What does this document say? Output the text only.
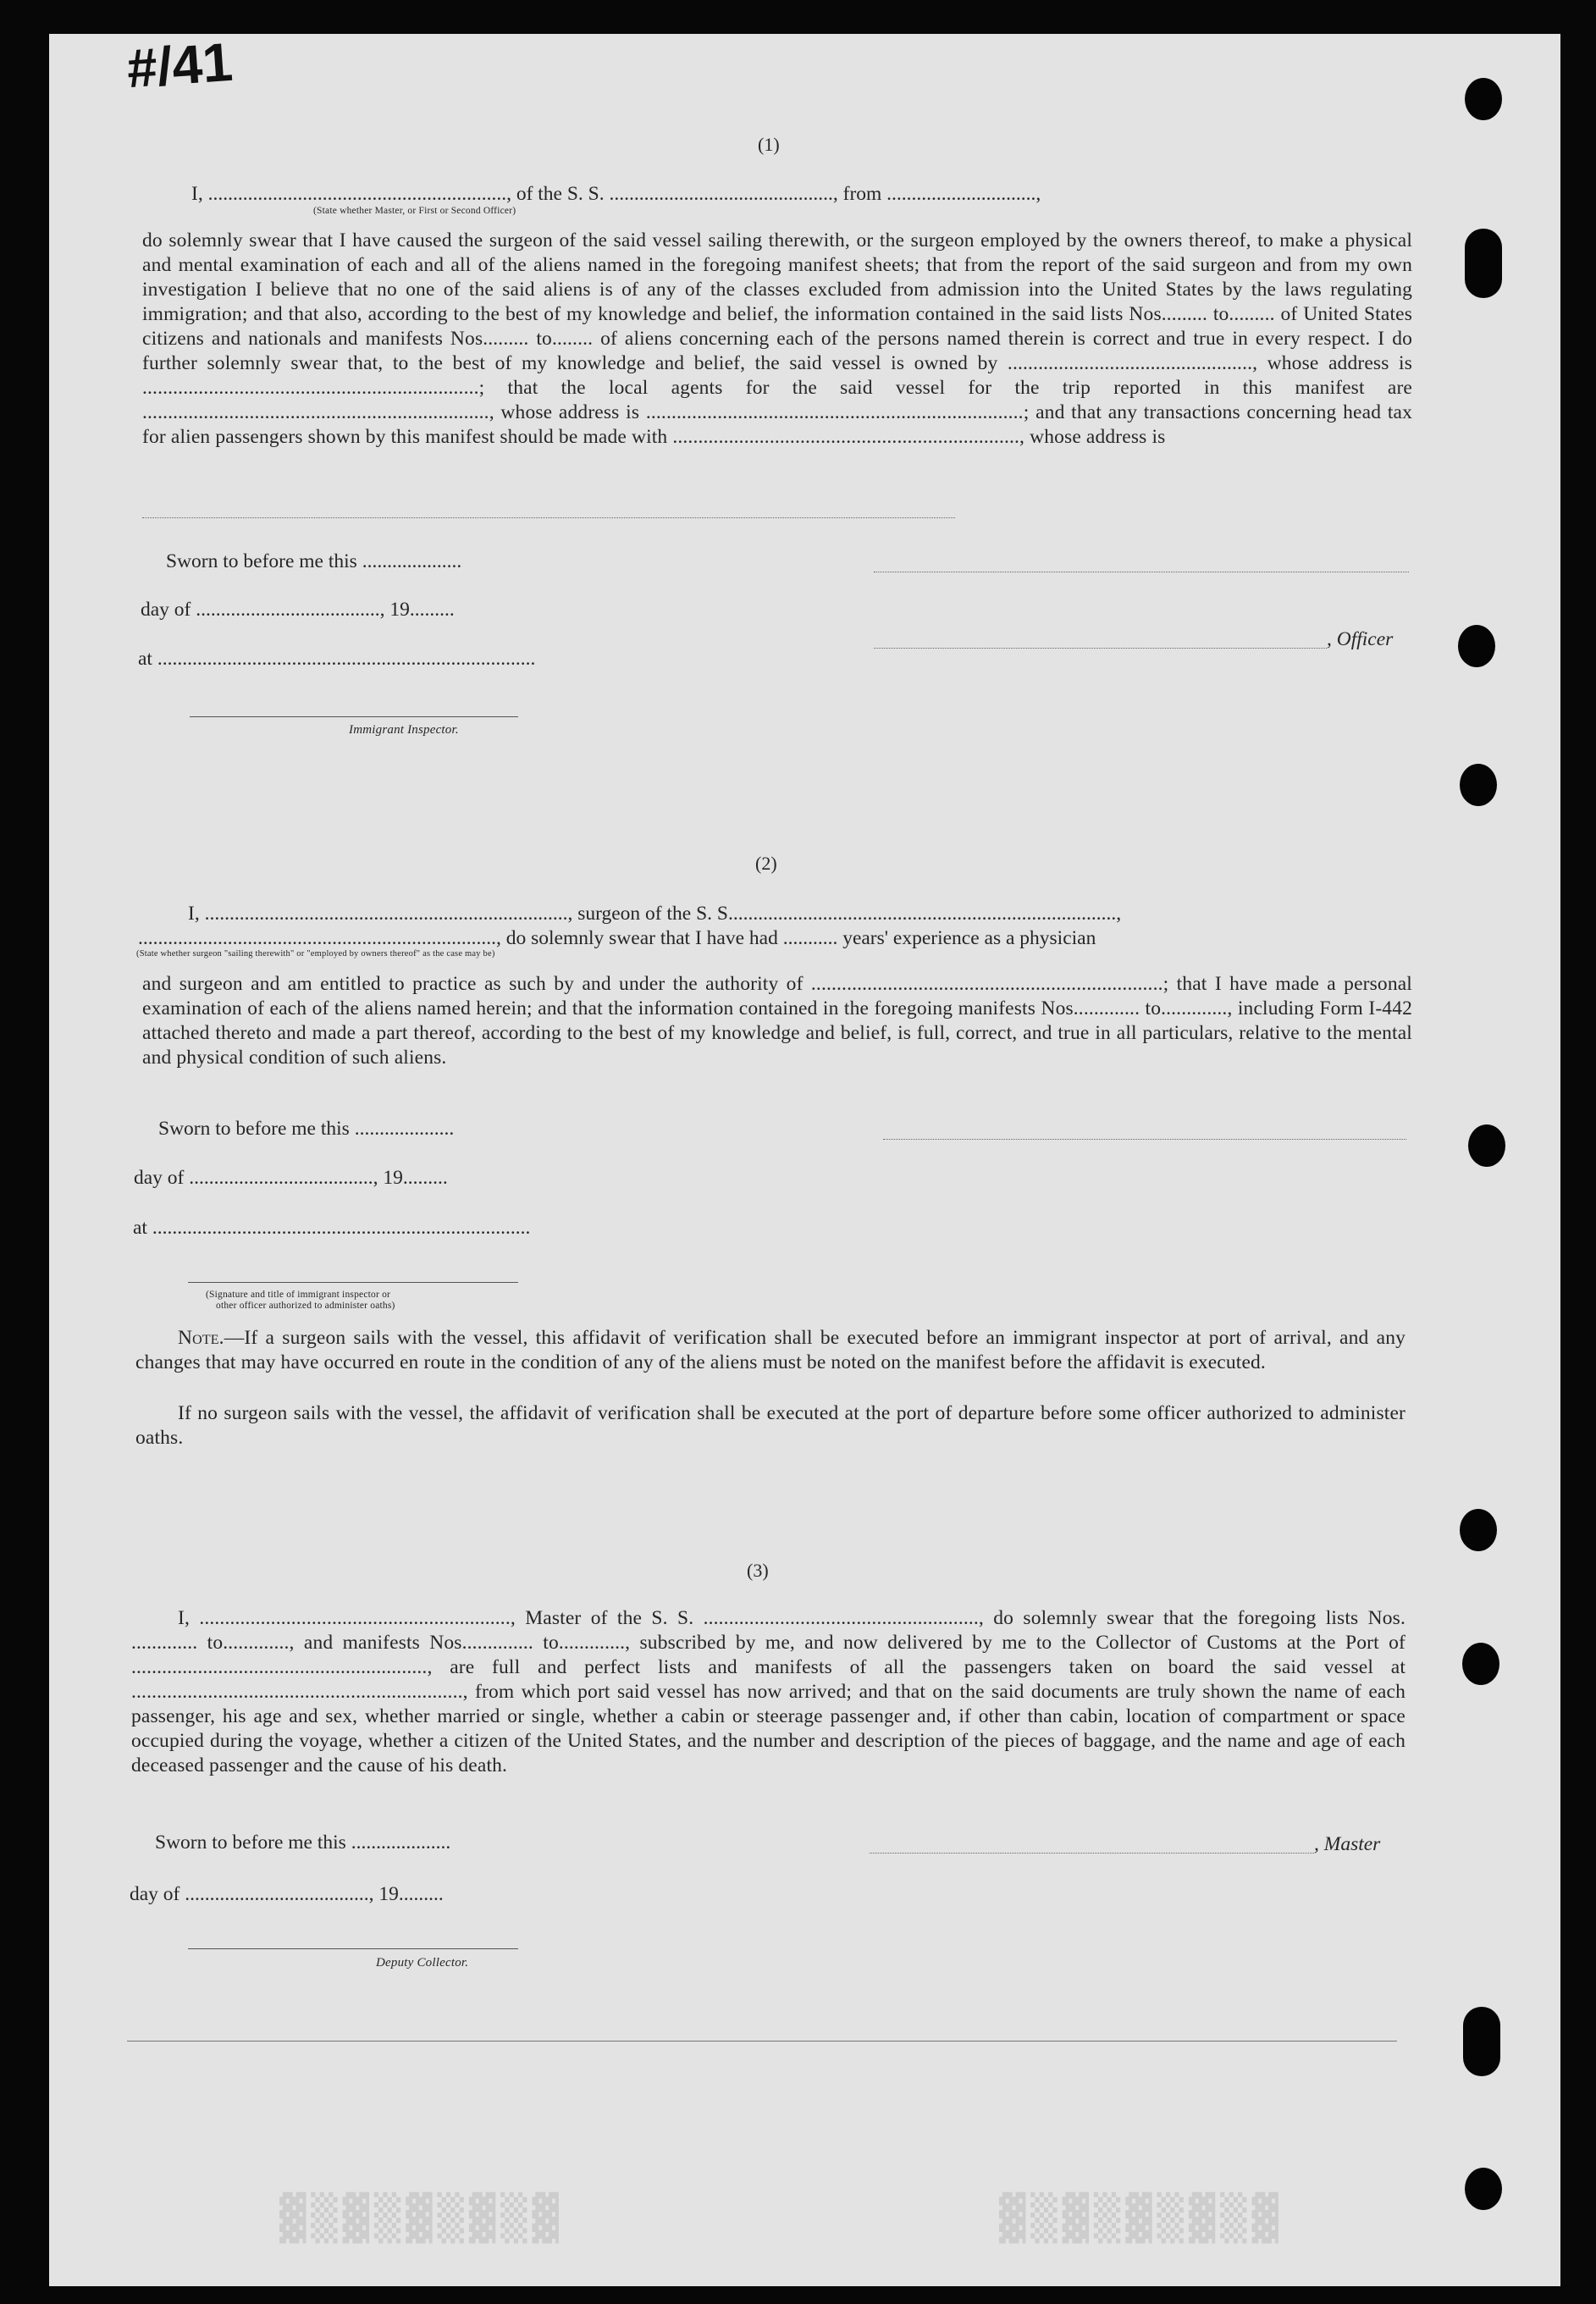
▓▒▓▒▓▒▓▒▓	▓▒▓▒▓▒▓▒▓
#/41
(1)
I, ............................................................, of the S. S. ............................................., from ..............................,
(State whether Master, or First or Second Officer)
do solemnly swear that I have caused the surgeon of the said vessel sailing therewith, or the surgeon employed by the owners thereof, to make a physical and mental examination of each and all of the aliens named in the foregoing manifest sheets; that from the report of the said surgeon and from my own investigation I believe that no one of the said aliens is of any of the classes excluded from admission into the United States by the laws regulating immigration; and that also, according to the best of my knowledge and belief, the information contained in the said lists Nos......... to......... of United States citizens and nationals and manifests Nos......... to........ of aliens concerning each of the persons named therein is correct and true in every respect. I do further solemnly swear that, to the best of my knowledge and belief, the said vessel is owned by ................................................, whose address is ..................................................................; that the local agents for the said vessel for the trip reported in this manifest are ...................................................................., whose address is ..........................................................................; and that any transactions concerning head tax for alien passengers shown by this manifest should be made with ...................................................................., whose address is
Sworn to before me this ....................
day of ....................................., 19.........
at ............................................................................
, Officer
Immigrant Inspector.
(2)
I, ........................................................................., surgeon of the S. S..............................................................................,
........................................................................, do solemnly swear that I have had ........... years' experience as a physician
(State whether surgeon "sailing therewith" or "employed by owners thereof" as the case may be)
and surgeon and am entitled to practice as such by and under the authority of .....................................................................; that I have made a personal examination of each of the aliens named herein; and that the information contained in the foregoing manifests Nos............. to............., including Form I-442 attached thereto and made a part thereof, according to the best of my knowledge and belief, is full, correct, and true in all particulars, relative to the mental and physical condition of such aliens.
Sworn to before me this ....................
day of ....................................., 19.........
at ............................................................................
(Signature and title of immigrant inspector or
other officer authorized to administer oaths)
Note.—If a surgeon sails with the vessel, this affidavit of verification shall be executed before an immigrant inspector at port of arrival, and any changes that may have occurred en route in the condition of any of the aliens must be noted on the manifest before the affidavit is executed.
If no surgeon sails with the vessel, the affidavit of verification shall be executed at the port of departure before some officer authorized to administer oaths.
(3)
I, ............................................................., Master of the S. S. ......................................................, do solemnly swear that the foregoing lists Nos. ............. to............., and manifests Nos.............. to............., subscribed by me, and now delivered by me to the Collector of Customs at the Port of .........................................................., are full and perfect lists and manifests of all the passengers taken on board the said vessel at ................................................................., from which port said vessel has now arrived; and that on the said documents are truly shown the name of each passenger, his age and sex, whether married or single, whether a cabin or steerage passenger and, if other than cabin, location of compartment or space occupied during the voyage, whether a citizen of the United States, and the number and description of the pieces of baggage, and the name and age of each deceased passenger and the cause of his death.
Sworn to before me this ....................	, Master
day of ....................................., 19.........
Deputy Collector.
